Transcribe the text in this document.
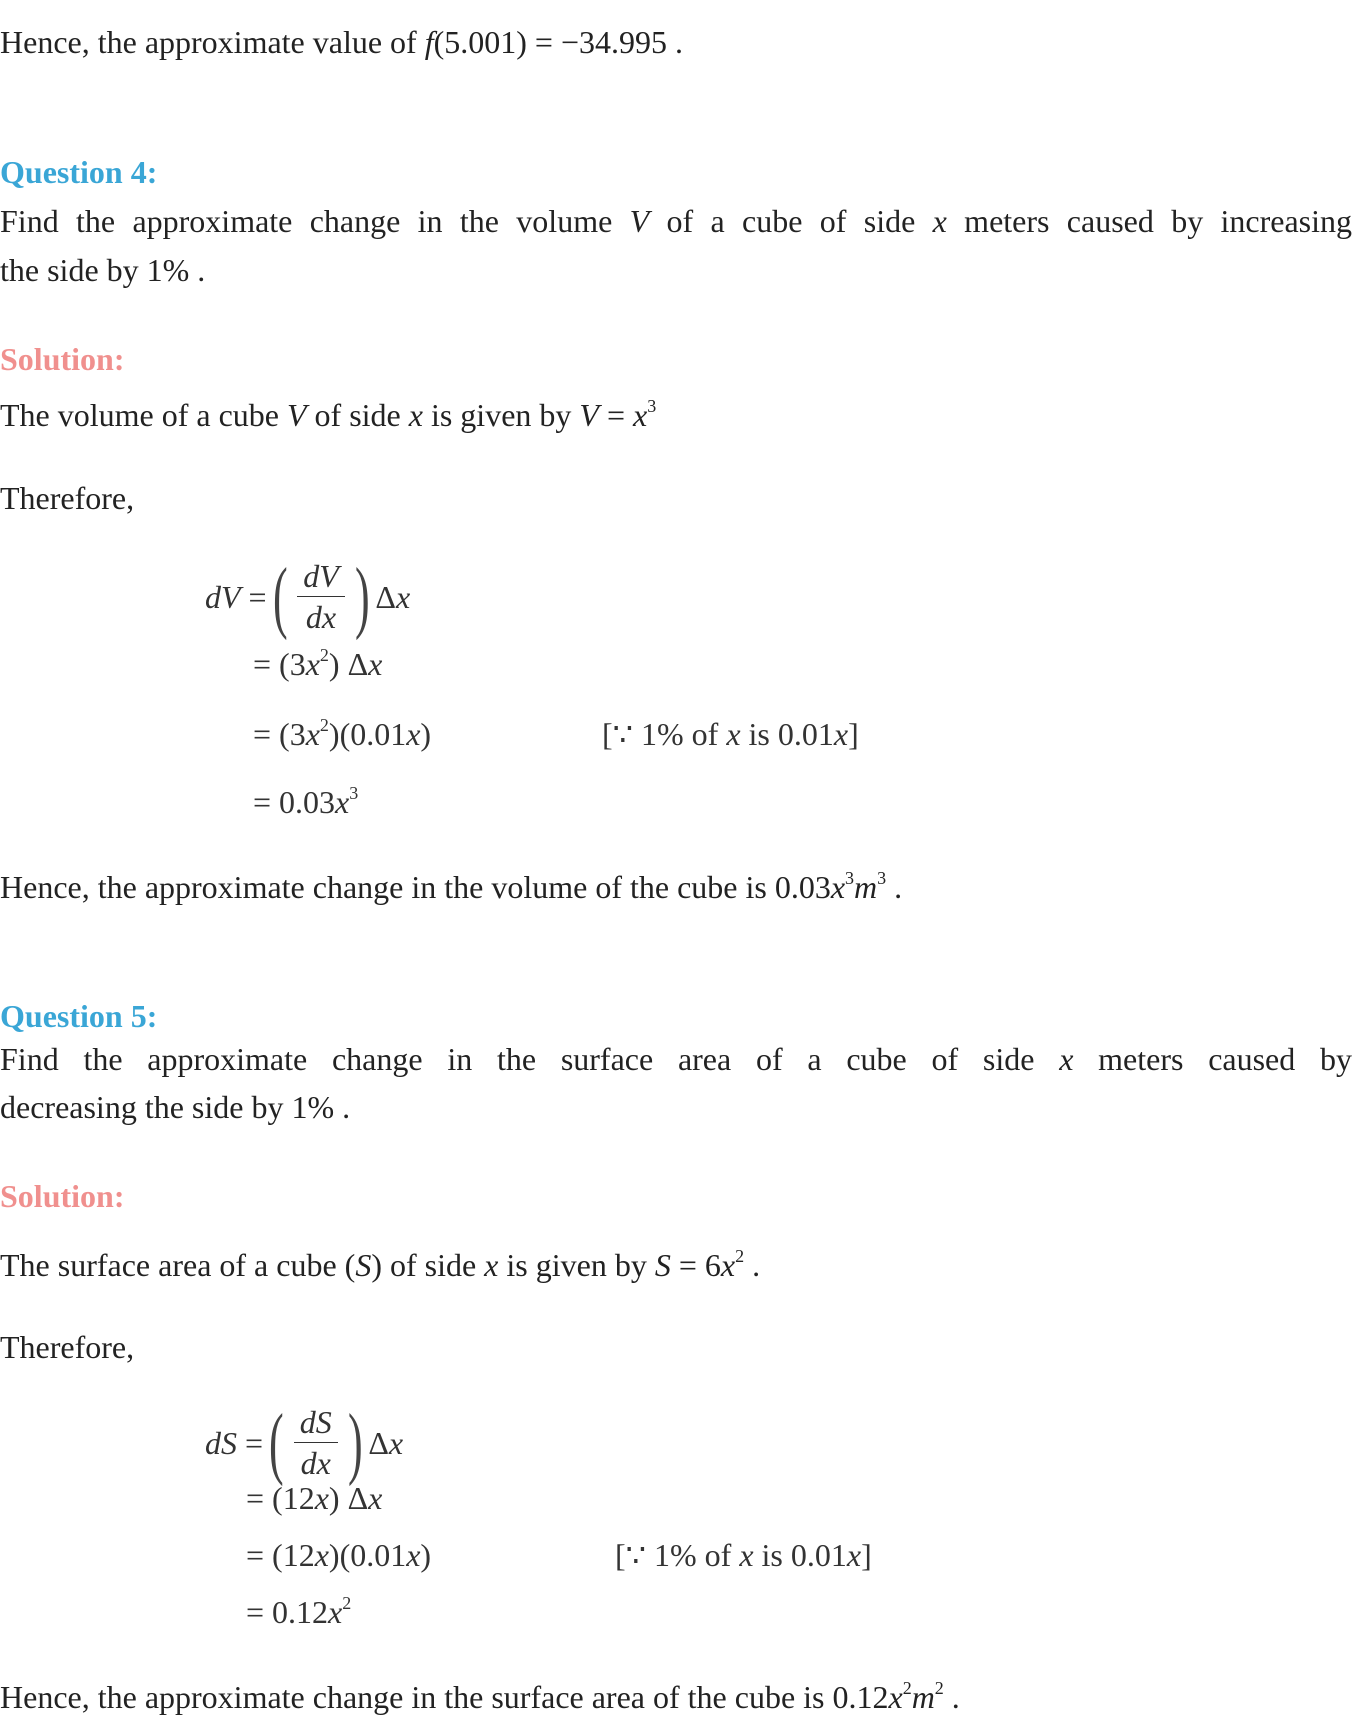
Hence, the approximate value of f(5.001) = −34.995 .
Question 4:
Find the approximate change in the volume V of a cube of side x meters caused by increasing
the side by 1% .
Solution:
The volume of a cube V of side x is given by $V = x^3$
Therefore,
dV = ( $\frac{dV}{dx}$ ) Δx
= $(3x^2)$ Δx
= $(3x^2)(0.01x)$	[∵ 1% of x is 0.01x]
= $0.03x^3$
Hence, the approximate change in the volume of the cube is $0.03x^3m^3$ .
Question 5:
Find the approximate change in the surface area of a cube of side x meters caused by
decreasing the side by 1% .
Solution:
The surface area of a cube (S) of side x is given by $S = 6x^2$ .
Therefore,
dS = ( $\frac{dS}{dx}$ ) Δx
= (12x) Δx
= (12x)(0.01x)	[∵ 1% of x is 0.01x]
= $0.12x^2$
Hence, the approximate change in the surface area of the cube is $0.12x^2m^2$ .
